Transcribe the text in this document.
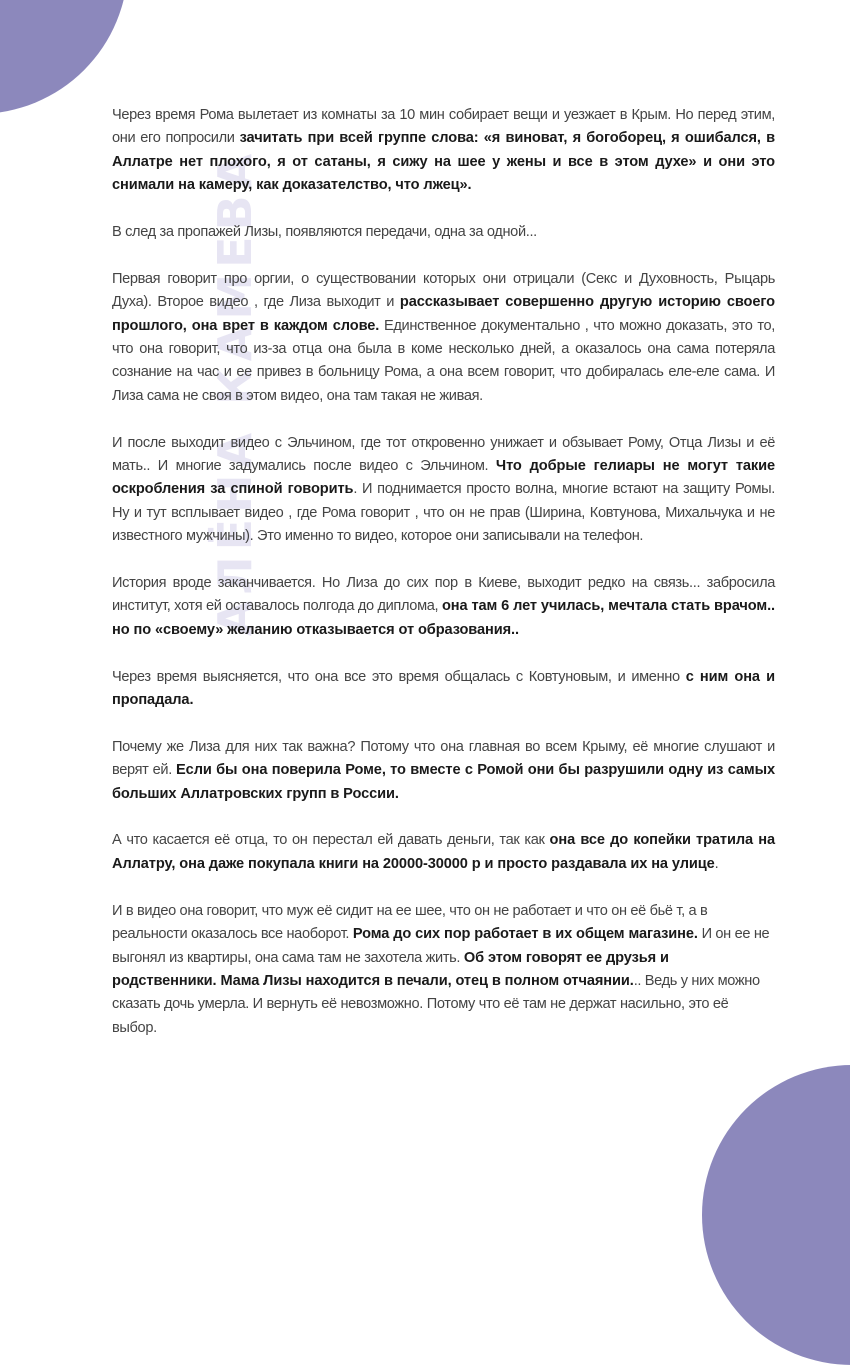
АЛЁНА КАМЕВА

Через время Рома вылетает из комнаты за 10 мин собирает вещи и уезжает в Крым. Но перед этим, они его попросили зачитать при всей группе слова: «я виноват, я богоборец, я ошибался, в Аллатре нет плохого, я от сатаны, я сижу на шее у жены и все в этом духе» и они это снимали на камеру, как доказателство, что лжец».

В след за пропажей Лизы, появляются передачи, одна за одной...

Первая говорит про оргии, о существовании которых они отрицали (Секс и Духовность, Рыцарь Духа). Второе видео , где Лиза выходит и рассказывает совершенно другую историю своего прошлого, она врет в каждом слове. Единственное документально , что можно доказать, это то, что она говорит, что из-за отца она была в коме несколько дней, а оказалось она сама потеряла сознание на час и ее привез в больницу Рома, а она всем говорит, что добиралась еле-еле сама. И Лиза сама не своя в этом видео, она там такая не живая.

И после выходит видео с Эльчином, где тот откровенно унижает и обзывает Рому, Отца Лизы и её мать.. И многие задумались после видео с Эльчином. Что добрые гелиары не могут такие оскробления за спиной говорить. И поднимается просто волна, многие встают на защиту Ромы. Ну и тут всплывает видео , где Рома говорит , что он не прав (Ширина, Ковтунова, Михальчука и не известного мужчины). Это именно то видео, которое они записывали на телефон.

История вроде заканчивается. Но Лиза до сих пор в Киеве, выходит редко на связь... забросила институт, хотя ей оставалось полгода до диплома, она там 6 лет училась, мечтала стать врачом.. но по «своему» желанию отказывается от образования..

Через время выясняется, что она все это время общалась с Ковтуновым, и именно с ним она и пропадала.

Почему же Лиза для них так важна? Потому что она главная во всем Крыму, её многие слушают и верят ей. Если бы она поверила Роме, то вместе с Ромой они бы разрушили одну из самых больших Аллатровских групп в России.

А что касается её отца, то он перестал ей давать деньги, так как она все до копейки тратила на Аллатру, она даже покупала книги на 20000-30000 р и просто раздавала их на улице.

И в видео она говорит, что муж её сидит на ее шее, что он не работает и что он её бьё т, а в реальности оказалось все наоборот. Рома до сих пор работает в их общем магазине. И он ее не выгонял из квартиры, она сама там не захотела жить. Об этом говорят ее друзья и родственники. Мама Лизы находится в печали, отец в полном отчаянии... Ведь у них можно сказать дочь умерла. И вернуть её невозможно. Потому что её там не держат насильно, это её выбор.
